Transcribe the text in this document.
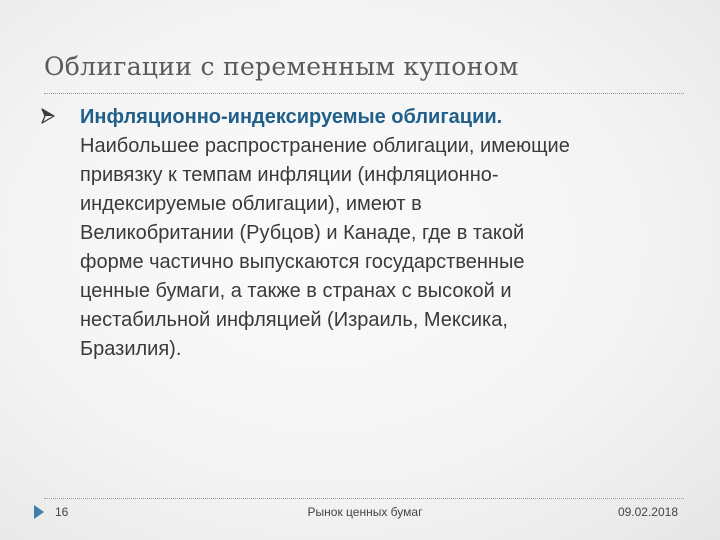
Облигации с переменным купоном
Инфляционно-индексируемые облигации.
Наибольшее распространение облигации, имеющие
привязку к темпам инфляции (инфляционно-
индексируемые облигации), имеют в
Великобритании (Рубцов) и Канаде, где в такой
форме частично выпускаются государственные
ценные бумаги, а также в странах с высокой и
нестабильной инфляцией (Израиль, Мексика,
Бразилия).
16	Рынок ценных бумаг	09.02.2018
